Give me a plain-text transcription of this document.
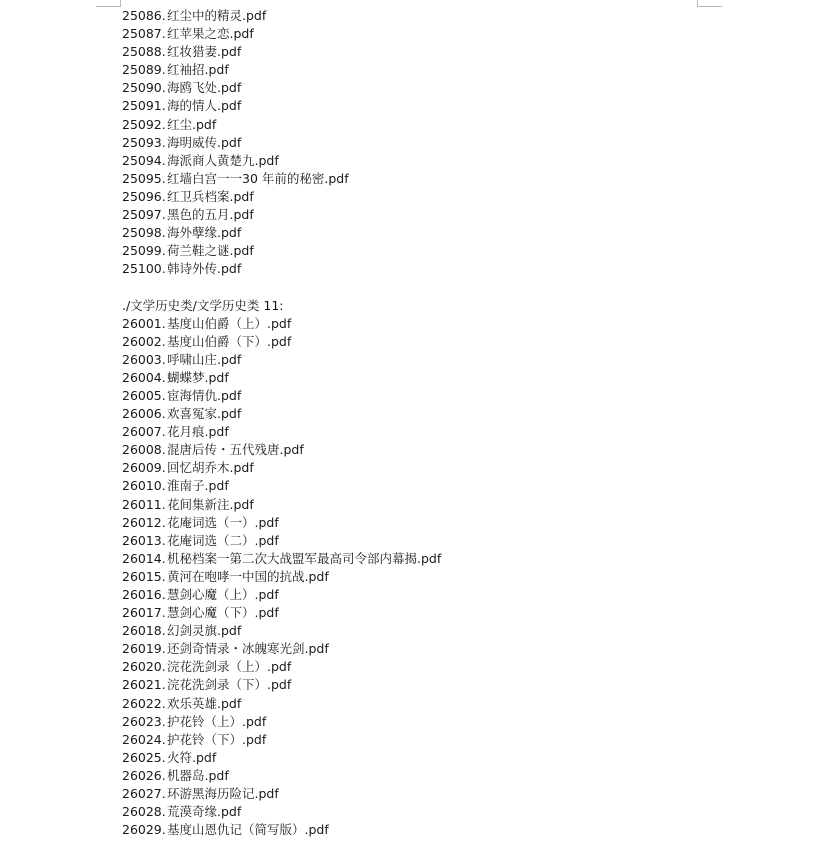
25086.红尘中的精灵.pdf
25087.红苹果之恋.pdf
25088.红妆猎妻.pdf
25089.红袖招.pdf
25090.海鸥飞处.pdf
25091.海的情人.pdf
25092.红尘.pdf
25093.海明威传.pdf
25094.海派商人黄楚九.pdf
25095.红墙白宫一一30 年前的秘密.pdf
25096.红卫兵档案.pdf
25097.黑色的五月.pdf
25098.海外孽缘.pdf
25099.荷兰鞋之谜.pdf
25100.韩诗外传.pdf
./文学历史类/文学历史类 11:
26001.基度山伯爵（上）.pdf
26002.基度山伯爵（下）.pdf
26003.呼啸山庄.pdf
26004.蝴蝶梦.pdf
26005.宦海情仇.pdf
26006.欢喜冤家.pdf
26007.花月痕.pdf
26008.混唐后传・五代残唐.pdf
26009.回忆胡乔木.pdf
26010.淮南子.pdf
26011.花间集新注.pdf
26012.花庵词选（一）.pdf
26013.花庵词选（二）.pdf
26014.机秘档案一第二次大战盟军最高司令部内幕揭.pdf
26015.黄河在咆哮一中国的抗战.pdf
26016.慧剑心魔（上）.pdf
26017.慧剑心魔（下）.pdf
26018.幻剑灵旗.pdf
26019.还剑奇情录・冰魄寒光剑.pdf
26020.浣花洗剑录（上）.pdf
26021.浣花洗剑录（下）.pdf
26022.欢乐英雄.pdf
26023.护花铃（上）.pdf
26024.护花铃（下）.pdf
26025.火符.pdf
26026.机器岛.pdf
26027.环游黑海历险记.pdf
26028.荒漠奇缘.pdf
26029.基度山恩仇记（简写版）.pdf
